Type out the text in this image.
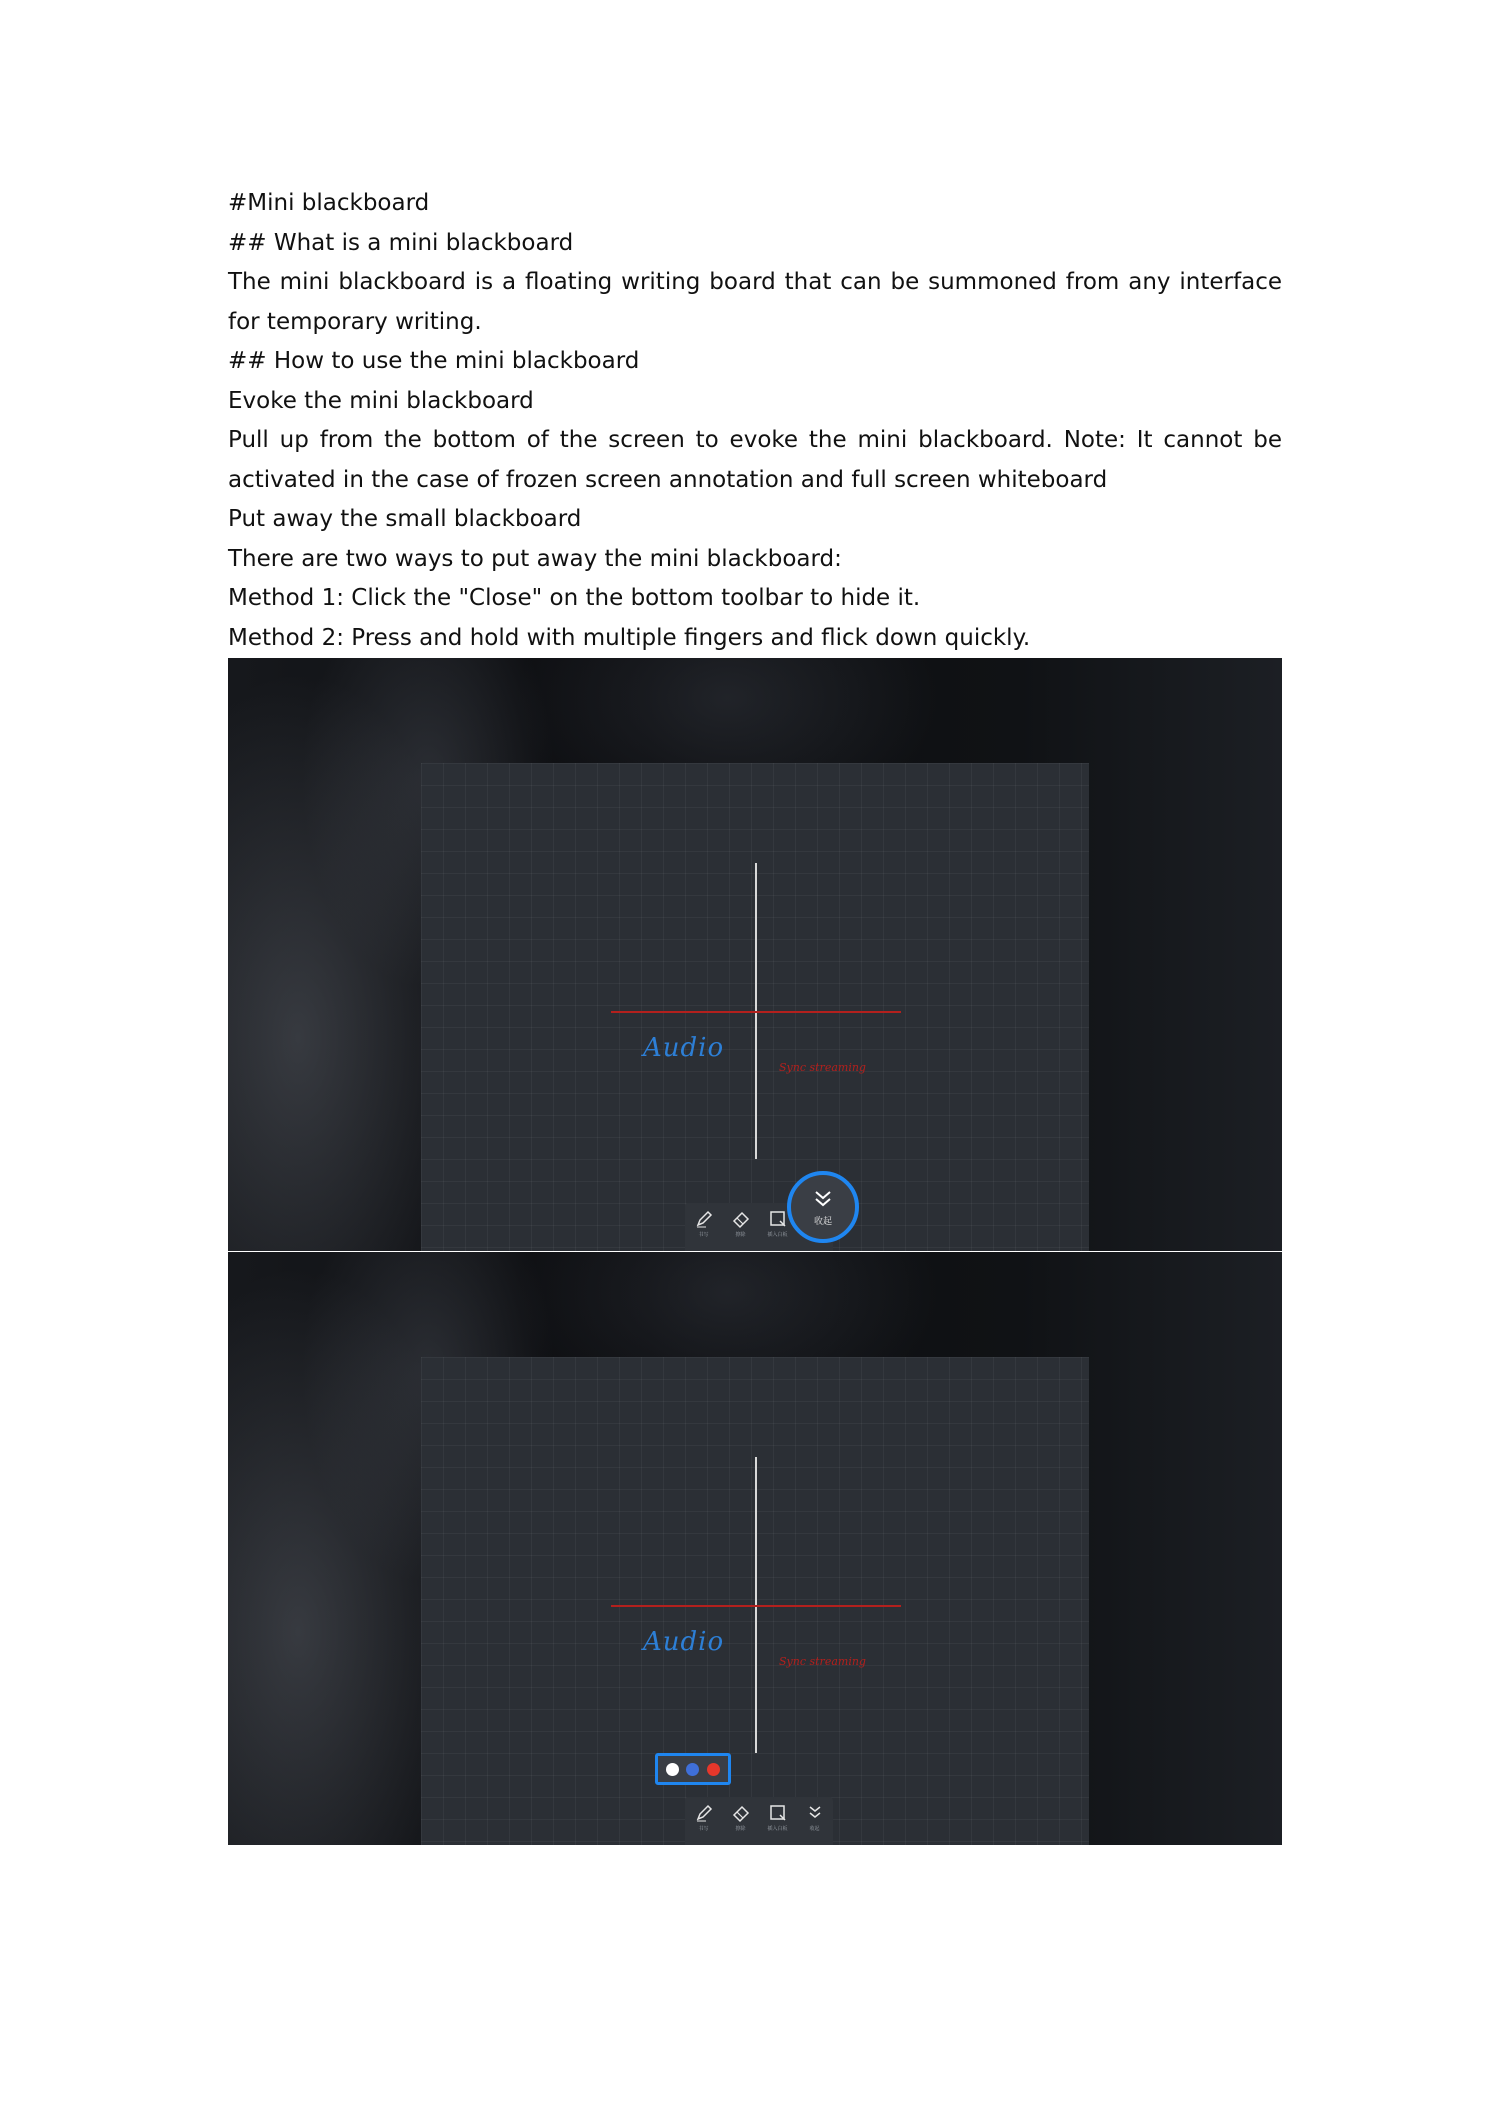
#Mini blackboard

## What is a mini blackboard

The mini blackboard is a floating writing board that can be summoned from any interface for temporary writing.

## How to use the mini blackboard

Evoke the mini blackboard

Pull up from the bottom of the screen to evoke the mini blackboard. Note: It cannot be activated in the case of frozen screen annotation and full screen whiteboard

Put away the small blackboard

There are two ways to put away the mini blackboard:

Method 1: Click the "Close" on the bottom toolbar to hide it.

Method 2: Press and hold with multiple fingers and flick down quickly.

Audio
Sync streaming
书写	擦除	插入白板
收起
Audio
Sync streaming
书写	擦除	插入白板	收起
